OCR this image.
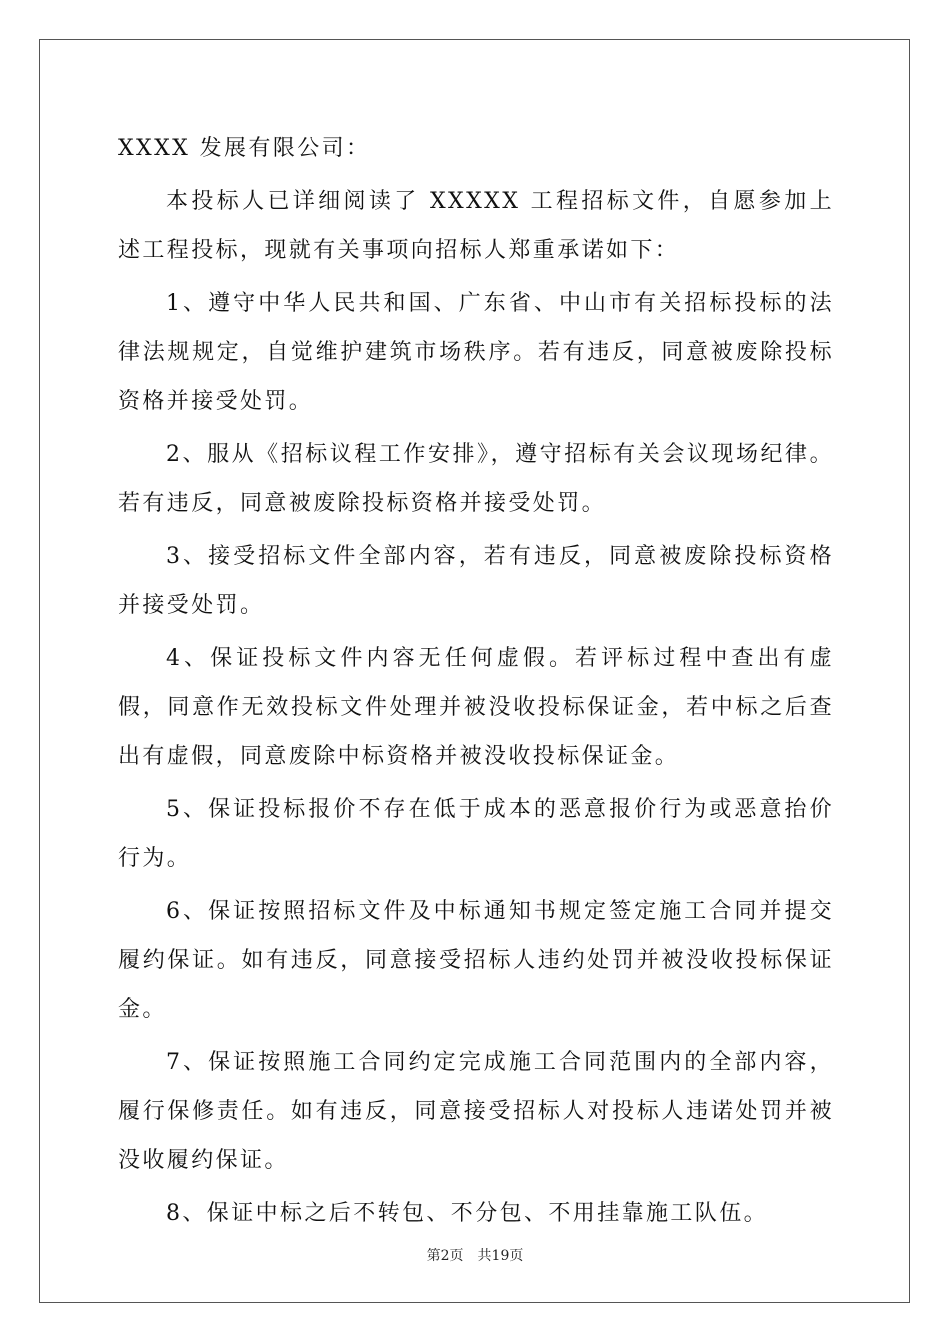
XXXX 发展有限公司：

本投标人已详细阅读了 XXXXX 工程招标文件，自愿参加上述工程投标，现就有关事项向招标人郑重承诺如下：

1、遵守中华人民共和国、广东省、中山市有关招标投标的法律法规规定，自觉维护建筑市场秩序。若有违反，同意被废除投标资格并接受处罚。

2、服从《招标议程工作安排》，遵守招标有关会议现场纪律。若有违反，同意被废除投标资格并接受处罚。

3、接受招标文件全部内容，若有违反，同意被废除投标资格并接受处罚。

4、保证投标文件内容无任何虚假。若评标过程中查出有虚假，同意作无效投标文件处理并被没收投标保证金，若中标之后查出有虚假，同意废除中标资格并被没收投标保证金。

5、保证投标报价不存在低于成本的恶意报价行为或恶意抬价行为。

6、保证按照招标文件及中标通知书规定签定施工合同并提交履约保证。如有违反，同意接受招标人违约处罚并被没收投标保证金。

7、保证按照施工合同约定完成施工合同范围内的全部内容，履行保修责任。如有违反，同意接受招标人对投标人违诺处罚并被没收履约保证。

8、保证中标之后不转包、不分包、不用挂靠施工队伍。

第2页 共19页
